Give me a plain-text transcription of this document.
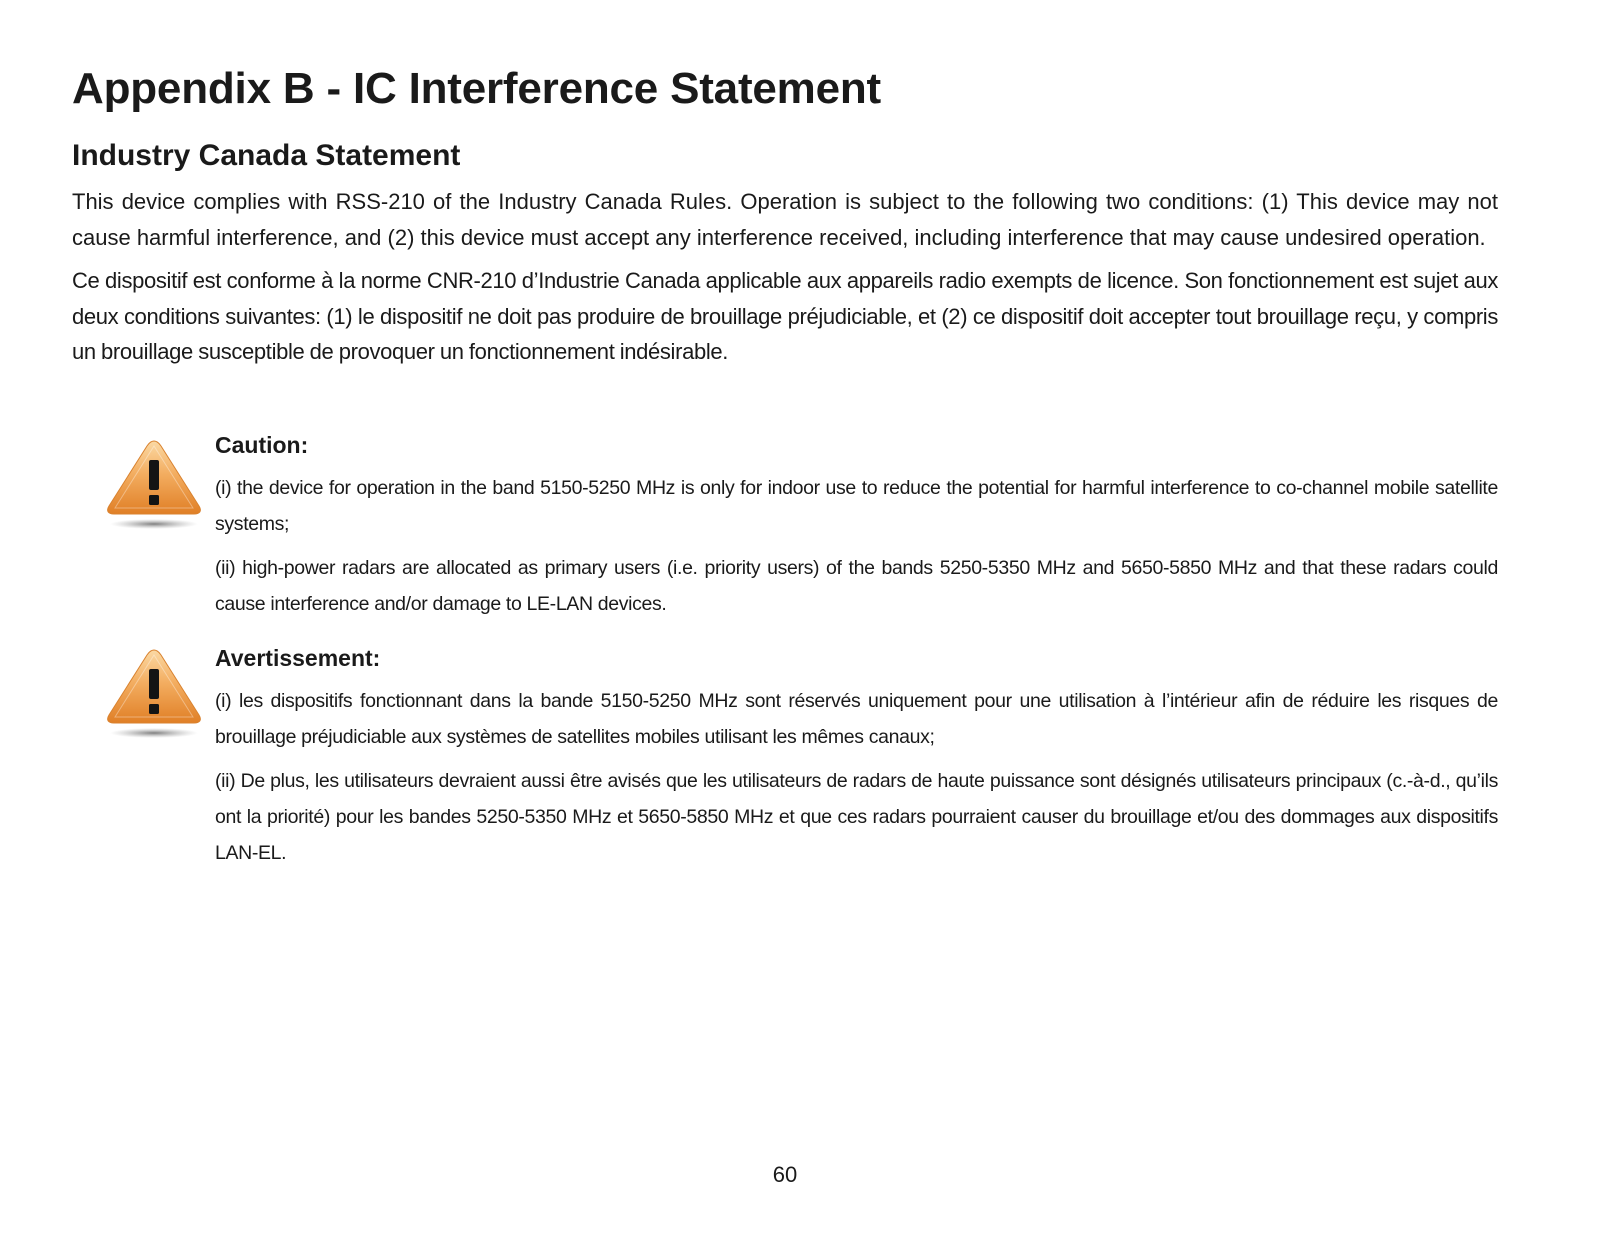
Appendix B - IC Interference Statement
Industry Canada Statement

This device complies with RSS-210 of the Industry Canada Rules. Operation is subject to the following two conditions: (1) This device may not cause harmful interference, and (2) this device must accept any interference received, including interference that may cause undesired operation.

Ce dispositif est conforme à la norme CNR-210 d’Industrie Canada applicable aux appareils radio exempts de licence. Son fonctionnement est sujet aux deux conditions suivantes: (1) le dispositif ne doit pas produire de brouillage préjudiciable, et (2) ce dispositif doit accepter tout brouillage reçu, y compris un brouillage susceptible de provoquer un fonctionnement indésirable.

Caution:

(i) the device for operation in the band 5150-5250 MHz is only for indoor use to reduce the potential for harmful interference to co-channel mobile satellite systems;

(ii) high-power radars are allocated as primary users (i.e. priority users) of the bands 5250-5350 MHz and 5650-5850 MHz and that these radars could cause interference and/or damage to LE-LAN devices.

Avertissement:

(i) les dispositifs fonctionnant dans la bande 5150-5250 MHz sont réservés uniquement pour une utilisation à l’intérieur afin de réduire les risques de brouillage préjudiciable aux systèmes de satellites mobiles utilisant les mêmes canaux;

(ii) De plus, les utilisateurs devraient aussi être avisés que les utilisateurs de radars de haute puissance sont désignés utilisateurs principaux (c.-à-d., qu’ils ont la priorité) pour les bandes 5250-5350 MHz et 5650-5850 MHz et que ces radars pourraient causer du brouillage et/ou des dommages aux dispositifs LAN-EL.

60
